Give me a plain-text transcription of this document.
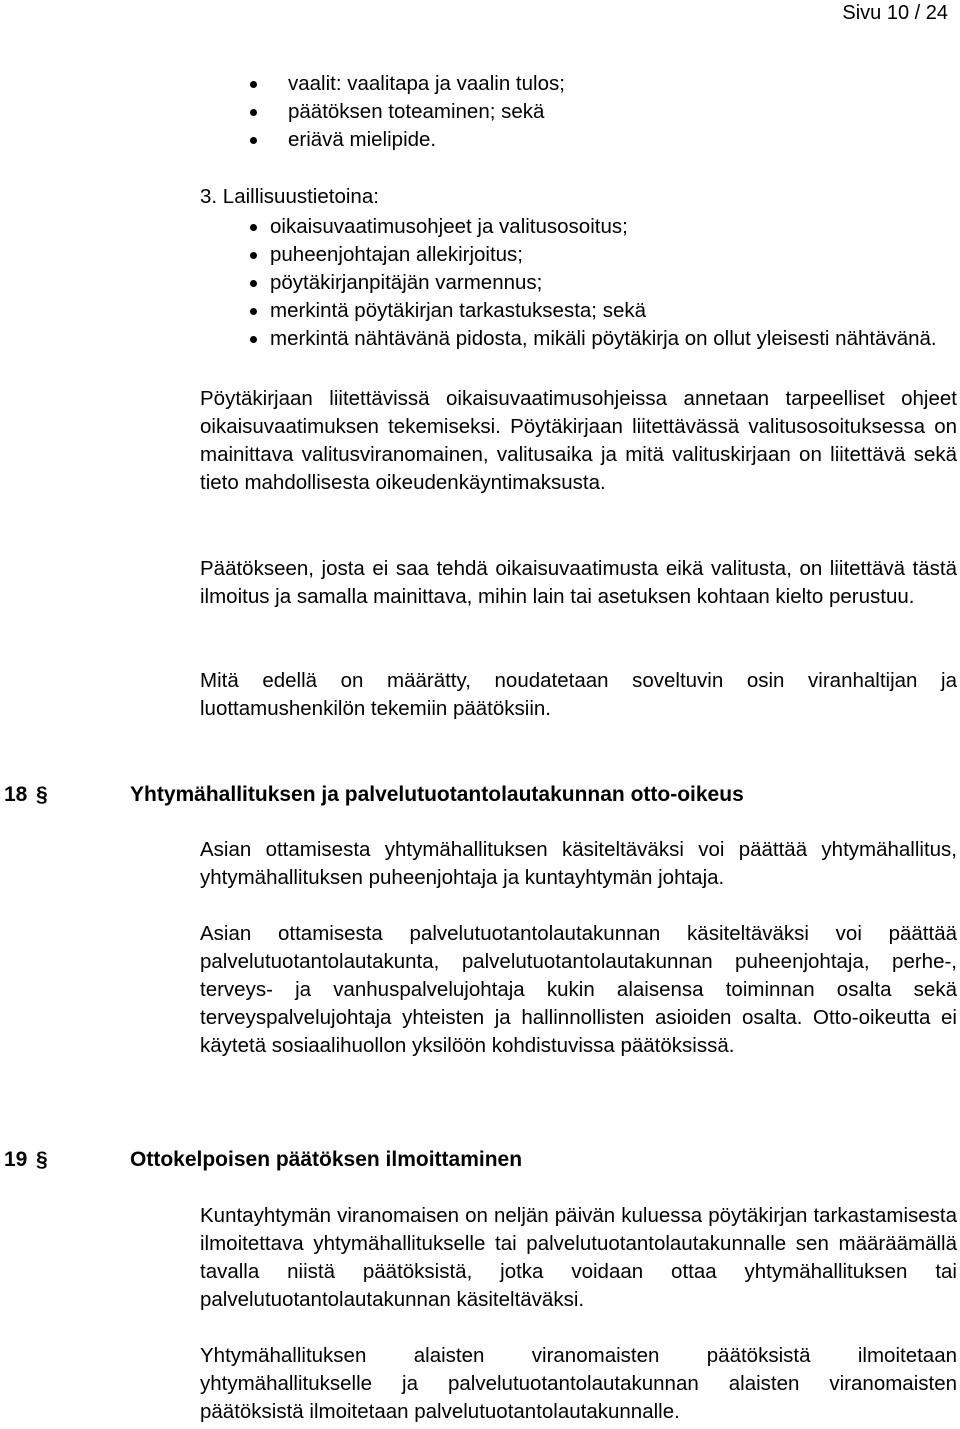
Sivu 10 / 24
vaalit: vaalitapa ja vaalin tulos;
päätöksen toteaminen; sekä
eriävä mielipide.
3. Laillisuustietoina:
oikaisuvaatimusohjeet ja valitusosoitus;
puheenjohtajan allekirjoitus;
pöytäkirjanpitäjän varmennus;
merkintä pöytäkirjan tarkastuksesta; sekä
merkintä nähtävänä pidosta, mikäli pöytäkirja on ollut yleisesti nähtävänä.

Pöytäkirjaan liitettävissä oikaisuvaatimusohjeissa annetaan tarpeelliset ohjeet oikaisuvaatimuksen tekemiseksi. Pöytäkirjaan liitettävässä valitusosoituksessa on mainittava valitusviranomainen, valitusaika ja mitä valituskirjaan on liitettävä sekä tieto mahdollisesta oikeudenkäyntimaksusta.

Päätökseen, josta ei saa tehdä oikaisuvaatimusta eikä valitusta, on liitettävä tästä ilmoitus ja samalla mainittava, mihin lain tai asetuksen kohtaan kielto perustuu.

Mitä edellä on määrätty, noudatetaan soveltuvin osin viranhaltijan ja luottamushenkilön tekemiin päätöksiin.

18 §	Yhtymähallituksen ja palvelutuotantolautakunnan otto-oikeus

Asian ottamisesta yhtymähallituksen käsiteltäväksi voi päättää yhtymähallitus, yhtymähallituksen puheenjohtaja ja kuntayhtymän johtaja.

Asian ottamisesta palvelutuotantolautakunnan käsiteltäväksi voi päättää palvelutuotantolautakunta, palvelutuotantolautakunnan puheenjohtaja, perhe-, terveys- ja vanhuspalvelujohtaja kukin alaisensa toiminnan osalta sekä terveyspalvelujohtaja yhteisten ja hallinnollisten asioiden osalta. Otto-oikeutta ei käytetä sosiaalihuollon yksilöön kohdistuvissa päätöksissä.

19 §	Ottokelpoisen päätöksen ilmoittaminen

Kuntayhtymän viranomaisen on neljän päivän kuluessa pöytäkirjan tarkastamisesta ilmoitettava yhtymähallitukselle tai palvelutuotantolautakunnalle sen määräämällä tavalla niistä päätöksistä, jotka voidaan ottaa yhtymähallituksen tai palvelutuotantolautakunnan käsiteltäväksi.

Yhtymähallituksen alaisten viranomaisten päätöksistä ilmoitetaan yhtymähallitukselle ja palvelutuotantolautakunnan alaisten viranomaisten päätöksistä ilmoitetaan palvelutuotantolautakunnalle.
